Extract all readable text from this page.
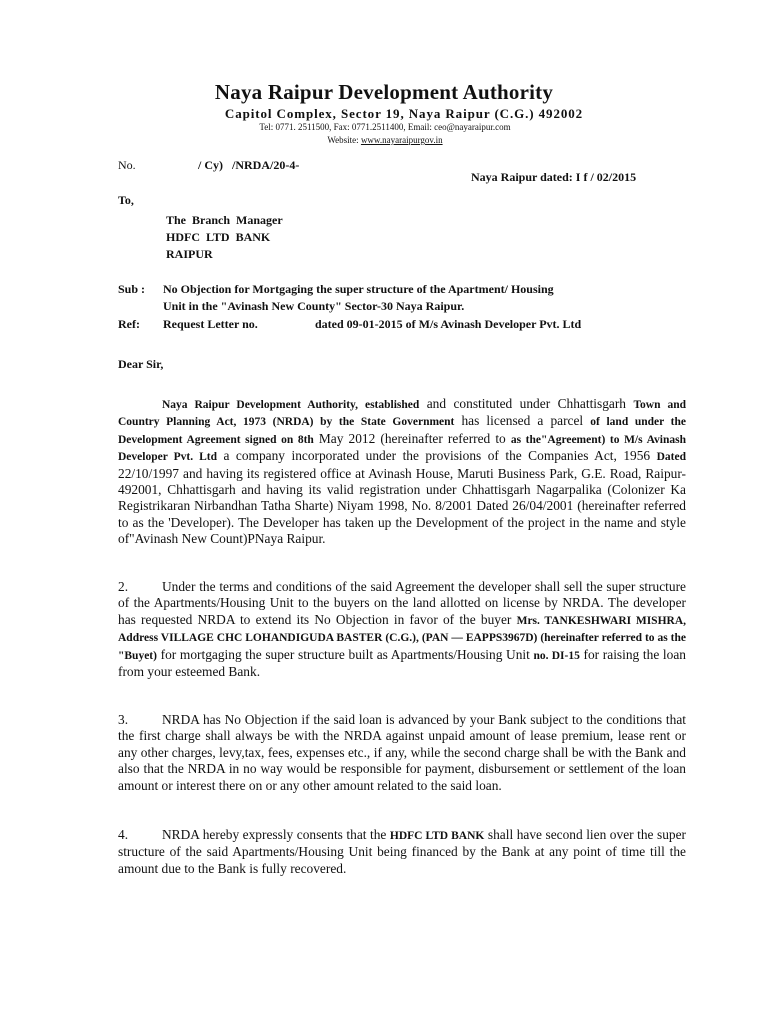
Naya Raipur Development Authority
Capitol Complex, Sector 19, Naya Raipur (C.G.) 492002
Tel: 0771. 2511500, Fax: 0771.2511400, Email: ceo@nayaraipur.com
Website: www.nayaraipurgov.in
No.	/ Cy)   /NRDA/20-4-
Naya Raipur dated: I f / 02/2015
To,
The  Branch  Manager
HDFC  LTD  BANK
RAIPUR
Sub : No Objection for Mortgaging the super structure of the Apartment/ Housing
Unit in the "Avinash New County" Sector-30 Naya Raipur.
Ref: Request Letter no.	dated 09-01-2015 of M/s Avinash Developer Pvt. Ltd
Dear Sir,
Naya Raipur Development Authority, established and constituted under Chhattisgarh Town and Country Planning Act, 1973 (NRDA) by the State Government has licensed a parcel of land under the Development Agreement signed on 8th May 2012 (hereinafter referred to as the"Agreement) to M/s Avinash Developer Pvt. Ltd a company incorporated under the provisions of the Companies Act, 1956 Dated 22/10/1997 and having its registered office at Avinash House, Maruti Business Park, G.E. Road, Raipur-492001, Chhattisgarh and having its valid registration under Chhattisgarh Nagarpalika (Colonizer Ka Registrikaran Nirbandhan Tatha Sharte) Niyam 1998, No. 8/2001 Dated 26/04/2001 (hereinafter referred to as the 'Developer). The Developer has taken up the Development of the project in the name and style of"Avinash New Count)PNaya Raipur.
2.	Under the terms and conditions of the said Agreement the developer shall sell the super structure of the Apartments/Housing Unit to the buyers on the land allotted on license by NRDA. The developer has requested NRDA to extend its No Objection in favor of the buyer Mrs. TANKESHWARI MISHRA, Address VILLAGE CHC LOHANDIGUDA BASTER (C.G.), (PAN — EAPPS3967D) (hereinafter referred to as the "Buyet) for mortgaging the super structure built as Apartments/Housing Unit no. DI-15 for raising the loan from your esteemed Bank.
3.	NRDA has No Objection if the said loan is advanced by your Bank subject to the conditions that the first charge shall always be with the NRDA against unpaid amount of lease premium, lease rent or any other charges, levy,tax, fees, expenses etc., if any, while the second charge shall be with the Bank and also that the NRDA in no way would be responsible for payment, disbursement or settlement of the loan amount or interest there on or any other amount related to the said loan.
4.	NRDA hereby expressly consents that the HDFC LTD BANK shall have second lien over the super structure of the said Apartments/Housing Unit being financed by the Bank at any point of time till the amount due to the Bank is fully recovered.
